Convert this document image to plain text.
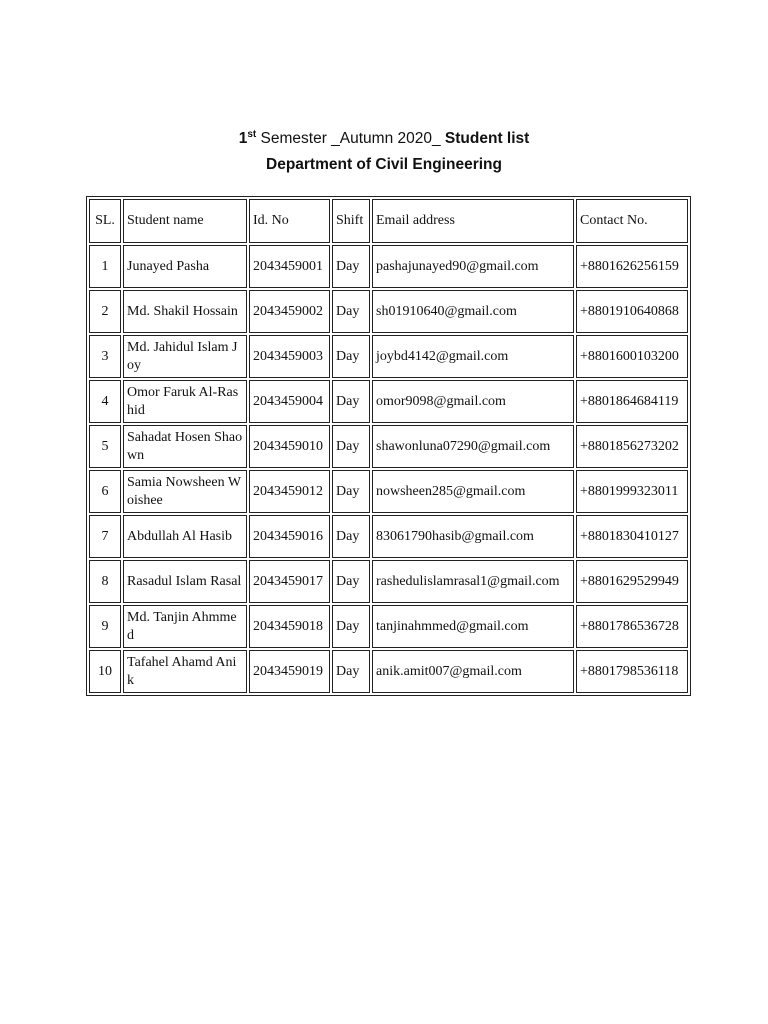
1st Semester _Autumn 2020_ Student list
Department of Civil Engineering
SL.	Student name	Id. No	Shift	Email address	Contact No.
1	Junayed Pasha	2043459001	Day	pashajunayed90@gmail.com	+8801626256159
2	Md. Shakil Hossain	2043459002	Day	sh01910640@gmail.com	+8801910640868
3	Md. Jahidul Islam Joy	2043459003	Day	joybd4142@gmail.com	+8801600103200
4	Omor Faruk Al-Rashid	2043459004	Day	omor9098@gmail.com	+8801864684119
5	Sahadat Hosen Shaown	2043459010	Day	shawonluna07290@gmail.com	+8801856273202
6	Samia Nowsheen Woishee	2043459012	Day	nowsheen285@gmail.com	+8801999323011
7	Abdullah Al Hasib	2043459016	Day	83061790hasib@gmail.com	+8801830410127
8	Rasadul Islam Rasal	2043459017	Day	rashedulislamrasal1@gmail.com	+8801629529949
9	Md. Tanjin Ahmmed	2043459018	Day	tanjinahmmed@gmail.com	+8801786536728
10	Tafahel Ahamd Anik	2043459019	Day	anik.amit007@gmail.com	+8801798536118
